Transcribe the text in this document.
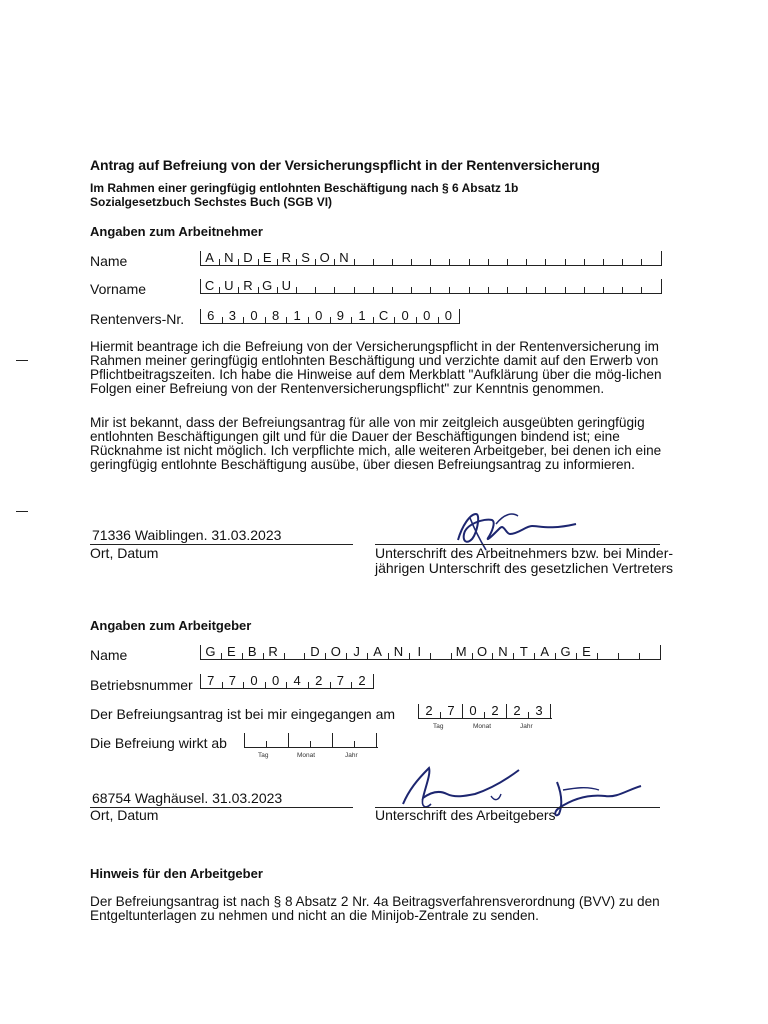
Antrag auf Befreiung von der Versicherungspflicht in der Rentenversicherung
Im Rahmen einer geringfügig entlohnten Beschäftigung nach § 6 Absatz 1b
Sozialgesetzbuch Sechstes Buch (SGB VI)
Angaben zum Arbeitnehmer
Name	A N D E R S O N
Vorname	C U R G U
Rentenvers-Nr.	6	3	0	8	1	0	9	1	C	0	0	0
Hiermit beantrage ich die Befreiung von der Versicherungspflicht in der Rentenversicherung im Rahmen meiner geringfügig entlohnten Beschäftigung und verzichte damit auf den Erwerb von Pflichtbeitragszeiten. Ich habe die Hinweise auf dem Merkblatt "Aufklärung über die mög-lichen Folgen einer Befreiung von der Rentenversicherungspflicht" zur Kenntnis genommen.
Mir ist bekannt, dass der Befreiungsantrag für alle von mir zeitgleich ausgeübten geringfügig entlohnten Beschäftigungen gilt und für die Dauer der Beschäftigungen bindend ist; eine Rücknahme ist nicht möglich. Ich verpflichte mich, alle weiteren Arbeitgeber, bei denen ich eine geringfügig entlohnte Beschäftigung ausübe, über diesen Befreiungsantrag zu informieren.
71336 Waiblingen. 31.03.2023
Ort, Datum	Unterschrift des Arbeitnehmers bzw. bei Minder-
jährigen Unterschrift des gesetzlichen Vertreters
Angaben zum Arbeitgeber
Name	G E B R	D O J	A N	I	M O N T A G E
Betriebsnummer	7	7	0	0	4	2	7	2
Der Befreiungsantrag ist bei mir eingegangen am	2	7	0	2	2	3
Tag	Monat	Jahr
Die Befreiung wirkt ab
Tag	Monat	Jahr
68754 Waghäusel. 31.03.2023
Ort, Datum	Unterschrift des Arbeitgebers
Hinweis für den Arbeitgeber
Der Befreiungsantrag ist nach § 8 Absatz 2 Nr. 4a Beitragsverfahrensverordnung (BVV) zu den Entgeltunterlagen zu nehmen und nicht an die Minijob-Zentrale zu senden.
